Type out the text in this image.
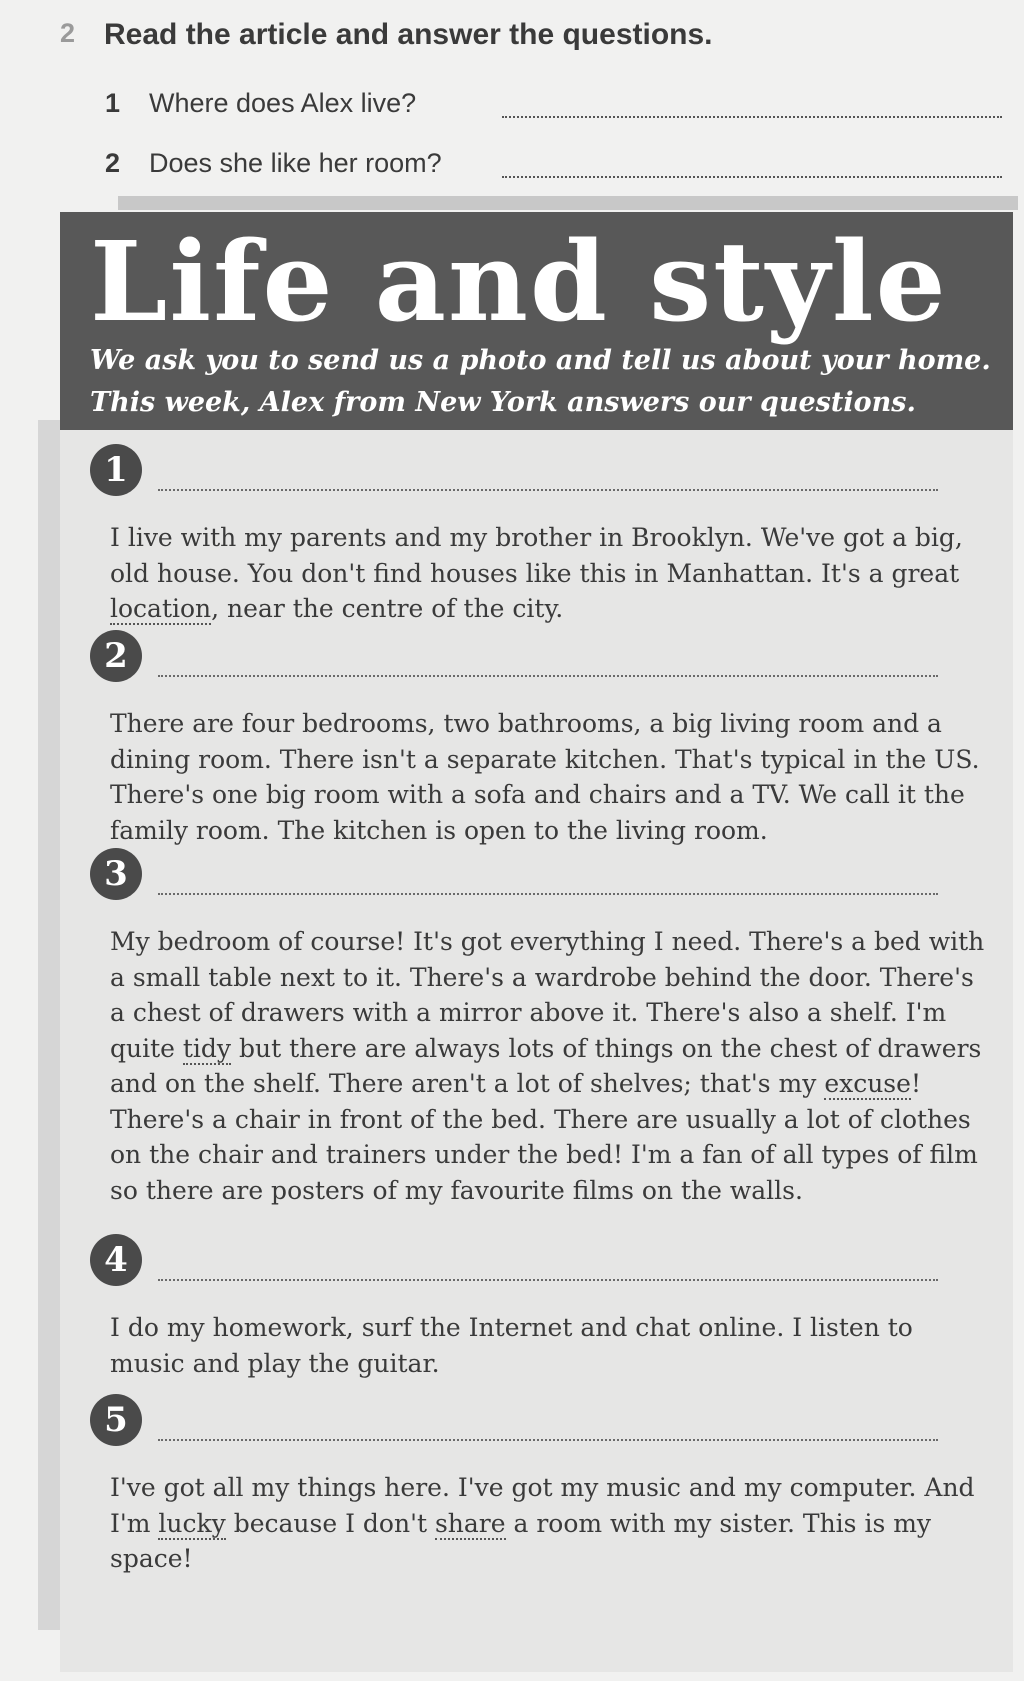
2 Read the article and answer the questions.
1 Where does Alex live?
2 Does she like her room?
Life and style
We ask you to send us a photo and tell us about your home. This week, Alex from New York answers our questions.
1
I live with my parents and my brother in Brooklyn. We've got a big, old house. You don't find houses like this in Manhattan. It's a great location, near the centre of the city.
2
There are four bedrooms, two bathrooms, a big living room and a dining room. There isn't a separate kitchen. That's typical in the US. There's one big room with a sofa and chairs and a TV. We call it the family room. The kitchen is open to the living room.
3
My bedroom of course! It's got everything I need. There's a bed with a small table next to it. There's a wardrobe behind the door. There's a chest of drawers with a mirror above it. There's also a shelf. I'm quite tidy but there are always lots of things on the chest of drawers and on the shelf. There aren't a lot of shelves; that's my excuse! There's a chair in front of the bed. There are usually a lot of clothes on the chair and trainers under the bed! I'm a fan of all types of film so there are posters of my favourite films on the walls.
4
I do my homework, surf the Internet and chat online. I listen to music and play the guitar.
5
I've got all my things here. I've got my music and my computer. And I'm lucky because I don't share a room with my sister. This is my space!
